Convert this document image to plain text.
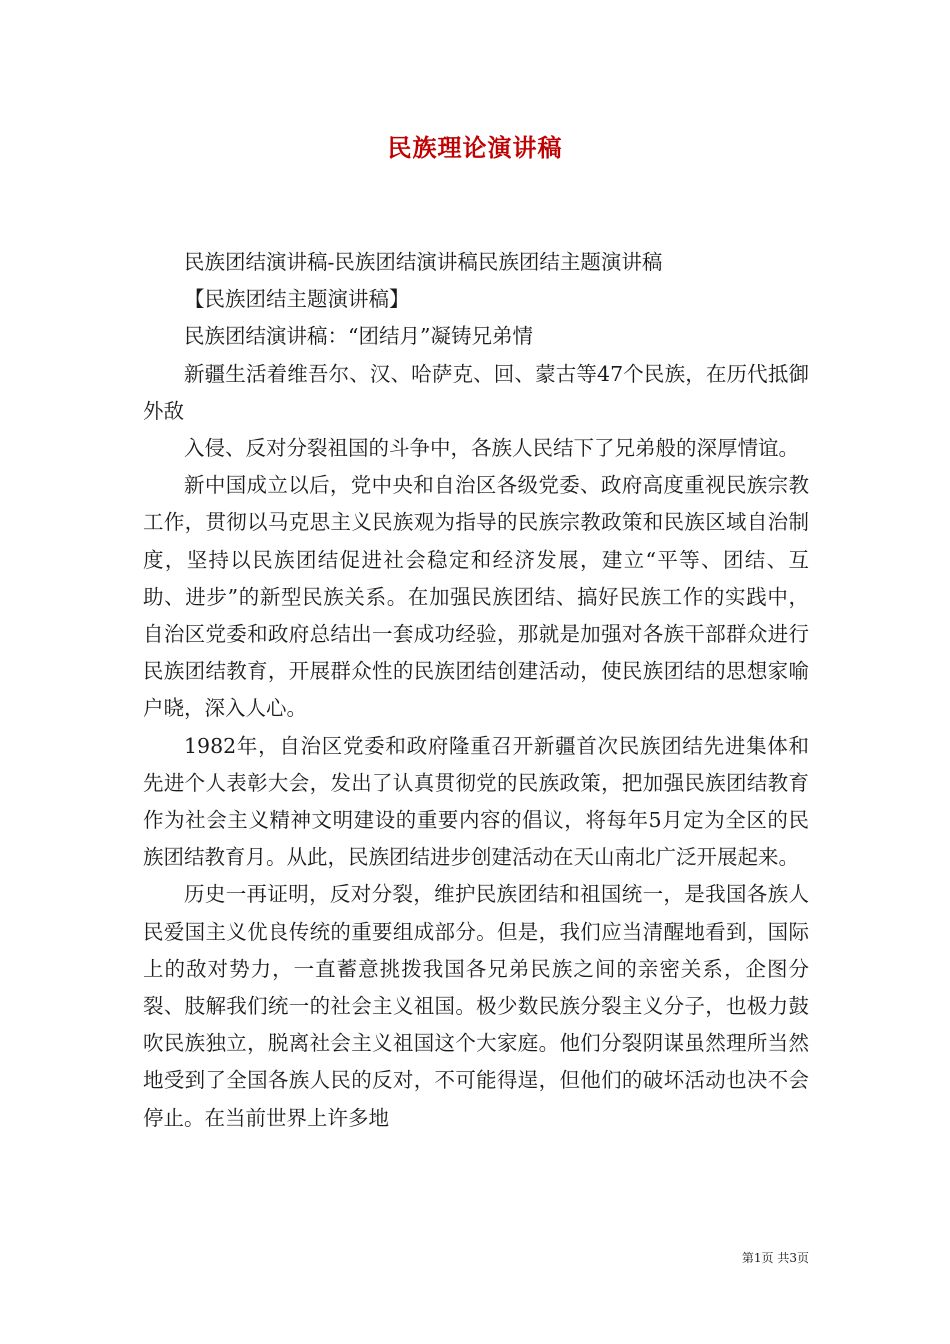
民族理论演讲稿

民族团结演讲稿-民族团结演讲稿民族团结主题演讲稿

【民族团结主题演讲稿】

民族团结演讲稿：“团结月”凝铸兄弟情

新疆生活着维吾尔、汉、哈萨克、回、蒙古等47个民族，在历代抵御外敌

入侵、反对分裂祖国的斗争中，各族人民结下了兄弟般的深厚情谊。

新中国成立以后，党中央和自治区各级党委、政府高度重视民族宗教工作，贯彻以马克思主义民族观为指导的民族宗教政策和民族区域自治制度，坚持以民族团结促进社会稳定和经济发展，建立“平等、团结、互助、进步”的新型民族关系。在加强民族团结、搞好民族工作的实践中，自治区党委和政府总结出一套成功经验，那就是加强对各族干部群众进行民族团结教育，开展群众性的民族团结创建活动，使民族团结的思想家喻户晓，深入人心。

1982年，自治区党委和政府隆重召开新疆首次民族团结先进集体和先进个人表彰大会，发出了认真贯彻党的民族政策，把加强民族团结教育作为社会主义精神文明建设的重要内容的倡议，将每年5月定为全区的民族团结教育月。从此，民族团结进步创建活动在天山南北广泛开展起来。

历史一再证明，反对分裂，维护民族团结和祖国统一，是我国各族人民爱国主义优良传统的重要组成部分。但是，我们应当清醒地看到，国际上的敌对势力，一直蓄意挑拨我国各兄弟民族之间的亲密关系，企图分裂、肢解我们统一的社会主义祖国。极少数民族分裂主义分子，也极力鼓吹民族独立，脱离社会主义祖国这个大家庭。他们分裂阴谋虽然理所当然地受到了全国各族人民的反对，不可能得逞，但他们的破坏活动也决不会停止。在当前世界上许多地

第1页 共3页
